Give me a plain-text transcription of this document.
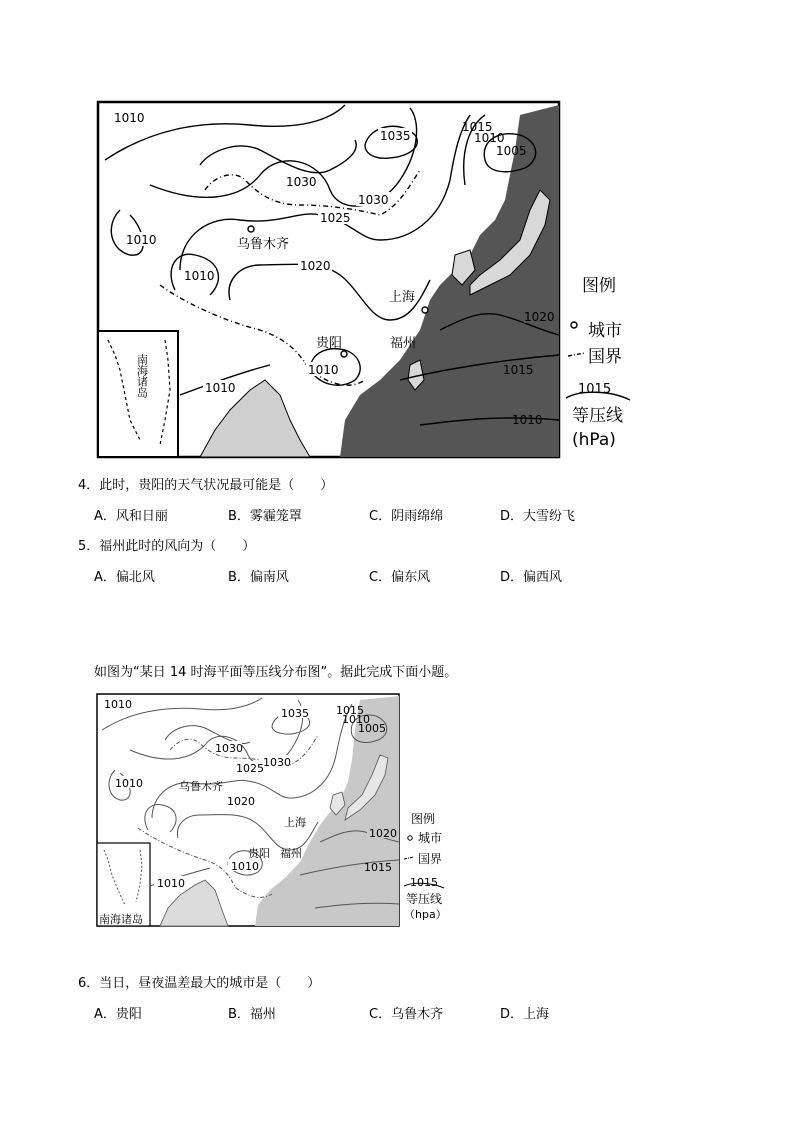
1010
1035
1015
1010
1005
1030
1030
1025
1010
1020
1010
1020
1010
1010
1015
1010
乌鲁木齐
上海
贵阳	福州
南海诸岛
图例
城市
国界
1015
等压线
(hPa)
4．此时，贵阳的天气状况最可能是（　　）
A．风和日丽	B．雾霾笼罩	C．阴雨绵绵	D．大雪纷飞
5．福州此时的风向为（　　）
A．偏北风	B．偏南风	C．偏东风	D．偏西风
如图为“某日 14 时海平面等压线分布图”。据此完成下面小题。
1010
1035 1015
1010
1005
1030
1030
1025
1010
1020
1020
1015
1010
1010
乌鲁木齐
上海
贵阳 福州
南海诸岛
图例
城市
国界
1015
等压线
（hpa）
6．当日，昼夜温差最大的城市是（　　）
A．贵阳	B．福州	C．乌鲁木齐	D．上海
